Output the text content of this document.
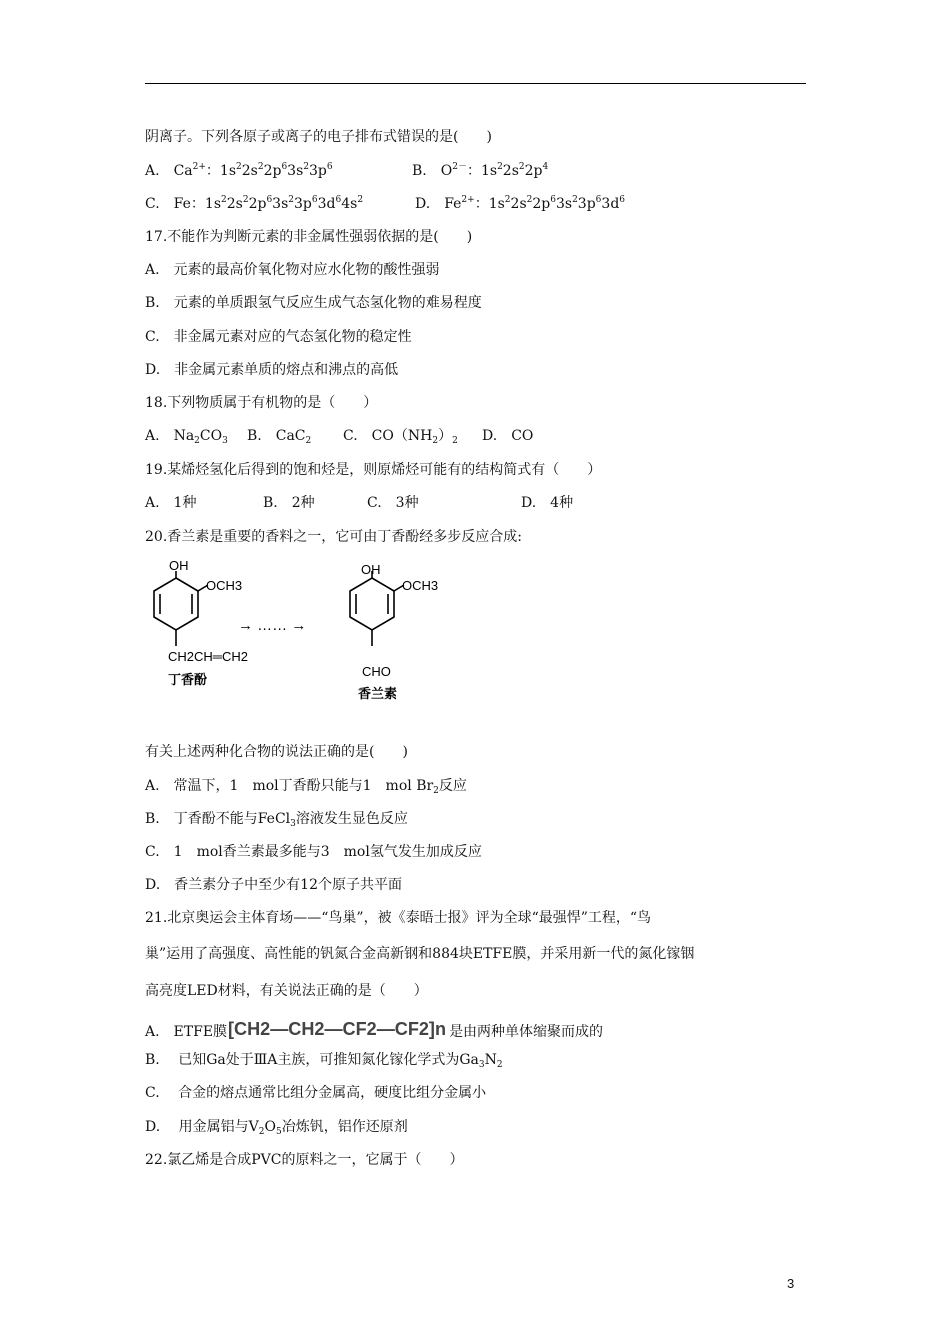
阴离子。下列各原子或离子的电子排布式错误的是(　　)
A.　 $Ca^{2+}$：$1s^22s^22p^63s^23p^6$	B.　 $O^{2-}$：$1s^22s^22p^4$
C.　 Fe：$1s^22s^22p^63s^23p^63d^64s^2$	D.　 $Fe^{2+}$：$1s^22s^22p^63s^23p^63d^6$
17.不能作为判断元素的非金属性强弱依据的是(　　)
A.　元素的最高价氧化物对应水化物的酸性强弱
B.　元素的单质跟氢气反应生成气态氢化物的难易程度
C.　非金属元素对应的气态氢化物的稳定性
D.　非金属元素单质的熔点和沸点的高低
18.下列物质属于有机物的是（　　）
A.　 $Na_2CO_3$ B.　 CaC$_2$ C.　 $CO(NH_2)_2$ D.　 CO
19.某烯烃氢化后得到的饱和烃是，则原烯烃可能有的结构简式有（　　）
A.　1种	B.　2种	C.　3种	D.　4种
20.香兰素是重要的香料之一，它可由丁香酚经多步反应合成:
OH
OCH3
CH2CH═CH2
丁香酚
→ …… →
OH
OCH3
CHO
香兰素
有关上述两种化合物的说法正确的是(　　)
A.　常温下，1　mol丁香酚只能与1　mol $Br_2$反应
B.　丁香酚不能与FeCl$_3$溶液发生显色反应
C.　1　mol香兰素最多能与3　mol氢气发生加成反应
D.　香兰素分子中至少有12个原子共平面
21.北京奥运会主体育场——“鸟巢”，被《泰晤士报》评为全球“最强悍”工程，“鸟
巢”运用了高强度、高性能的钒氮合金高新钢和884块ETFE膜，并采用新一代的氮化镓铟
高亮度LED材料，有关说法正确的是（　　）
A.　ETFE膜 [CH2—CH2—CF2—CF2]n 是由两种单体缩聚而成的
B.　 已知Ga处于ⅢA主族，可推知氮化镓化学式为$Ga_3N_2$
C.　 合金的熔点通常比组分金属高，硬度比组分金属小
D.　 用金属铝与$V_2O_5$冶炼钒，铝作还原剂
22.氯乙烯是合成PVC的原料之一，它属于（　　）
3
